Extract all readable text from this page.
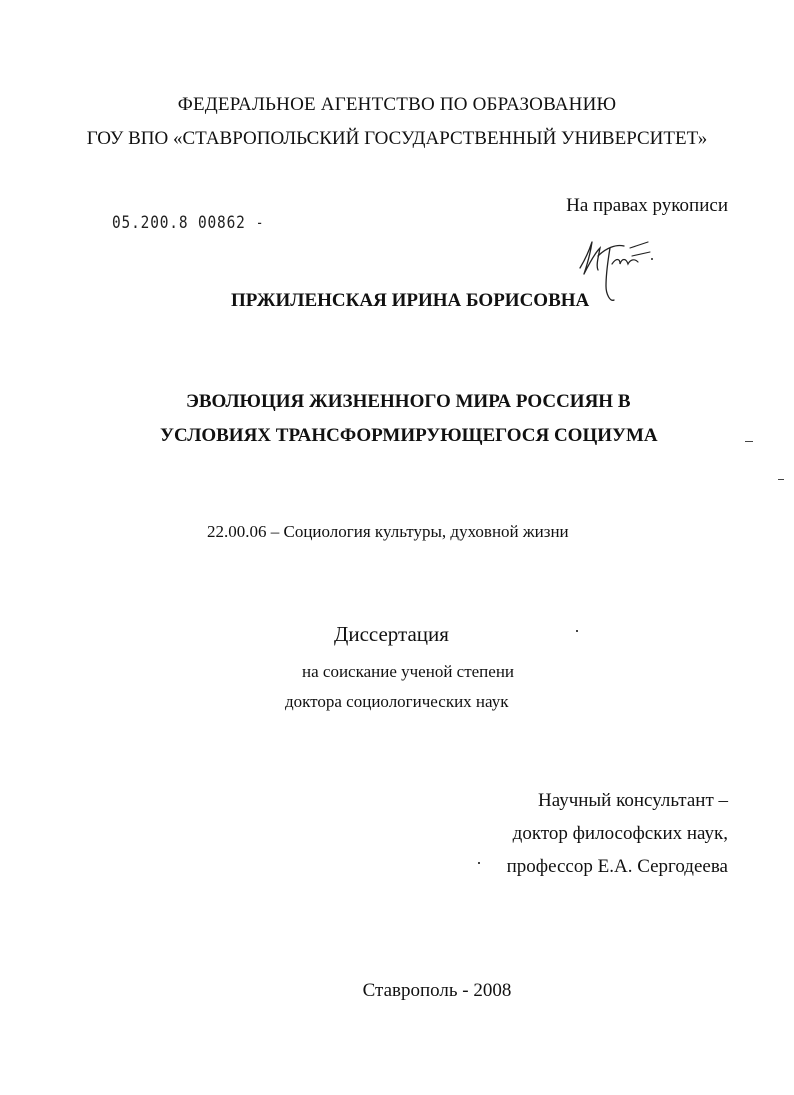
ФЕДЕРАЛЬНОЕ АГЕНТСТВО ПО ОБРАЗОВАНИЮ
ГОУ ВПО «СТАВРОПОЛЬСКИЙ ГОСУДАРСТВЕННЫЙ УНИВЕРСИТЕТ»
На правах рукописи
05.200.8 00862 ˗
ПРЖИЛЕНСКАЯ ИРИНА БОРИСОВНА
ЭВОЛЮЦИЯ ЖИЗНЕННОГО МИРА РОССИЯН В
УСЛОВИЯХ ТРАНСФОРМИРУЮЩЕГОСЯ СОЦИУМА
22.00.06 – Социология культуры, духовной жизни
Диссертация
на соискание ученой степени
доктора социологических наук
Научный консультант –
доктор философских наук,
профессор Е.А. Сергодеева
Ставрополь - 2008
